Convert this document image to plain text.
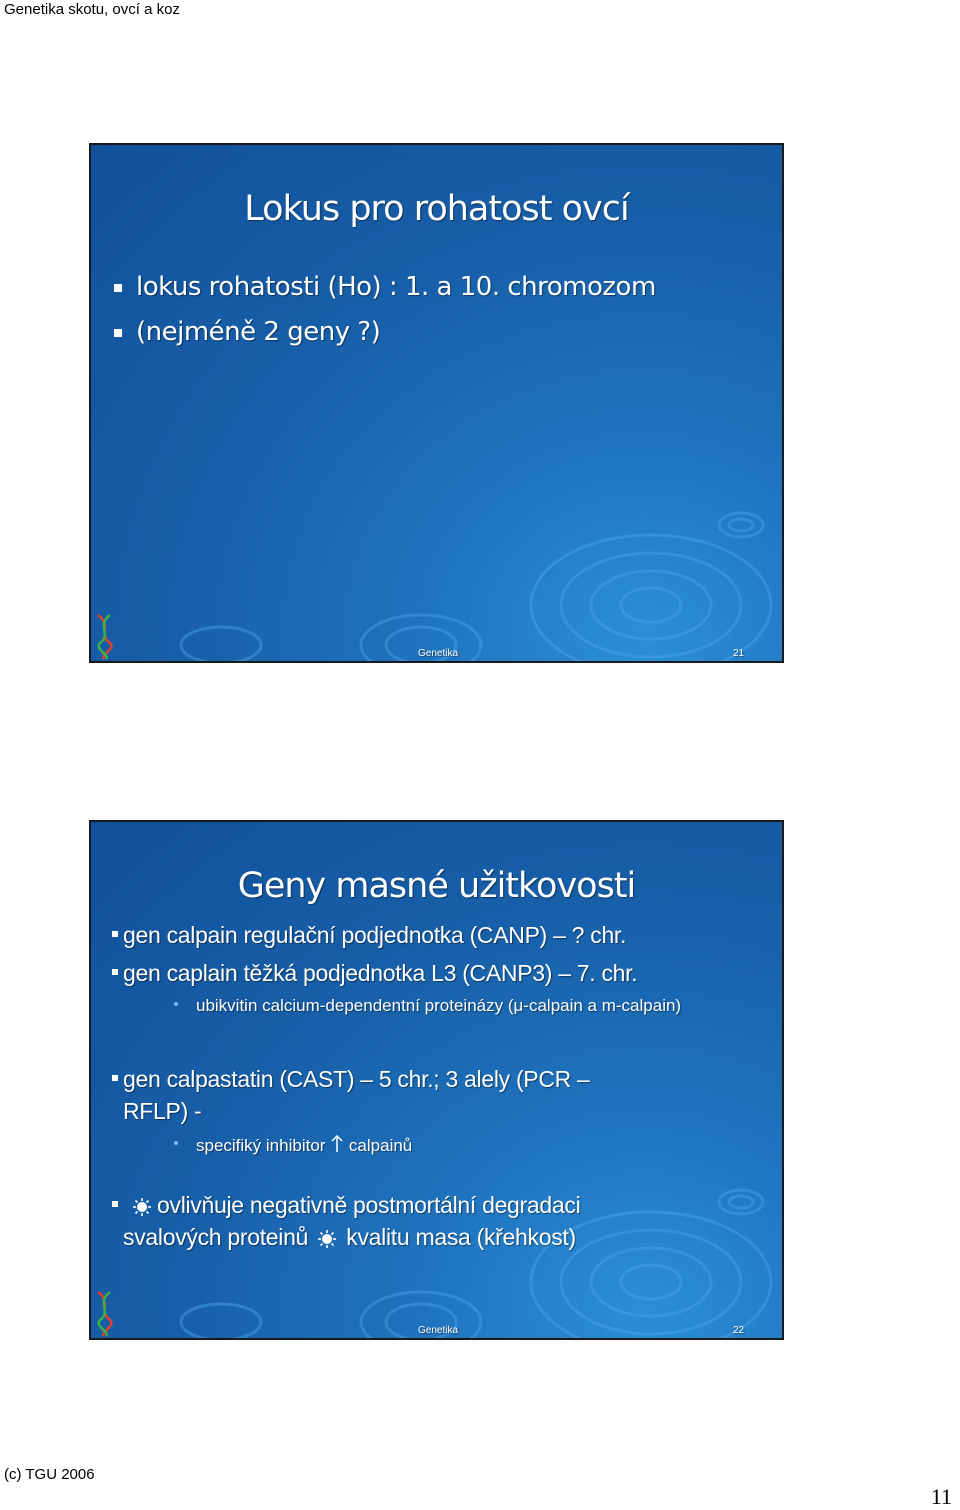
Genetika skotu, ovcí a koz
Lokus pro rohatost ovcí
lokus rohatosti (Ho) : 1. a 10. chromozom
(nejméně 2 geny ?)
Genetika	21
Geny masné užitkovosti
gen calpain regulační podjednotka (CANP) – ? chr.
gen caplain těžká podjednotka L3 (CANP3) – 7. chr.
ubikvitin calcium-dependentní proteinázy (μ-calpain a m-calpain)
gen calpastatin (CAST) – 5 chr.; 3 alely (PCR –
RFLP) -
specifiký inhibitor calpainů
ovlivňuje negativně postmortální degradaci
svalových proteinů kvalitu masa (křehkost)
Genetika	22
(c) TGU 2006
11
